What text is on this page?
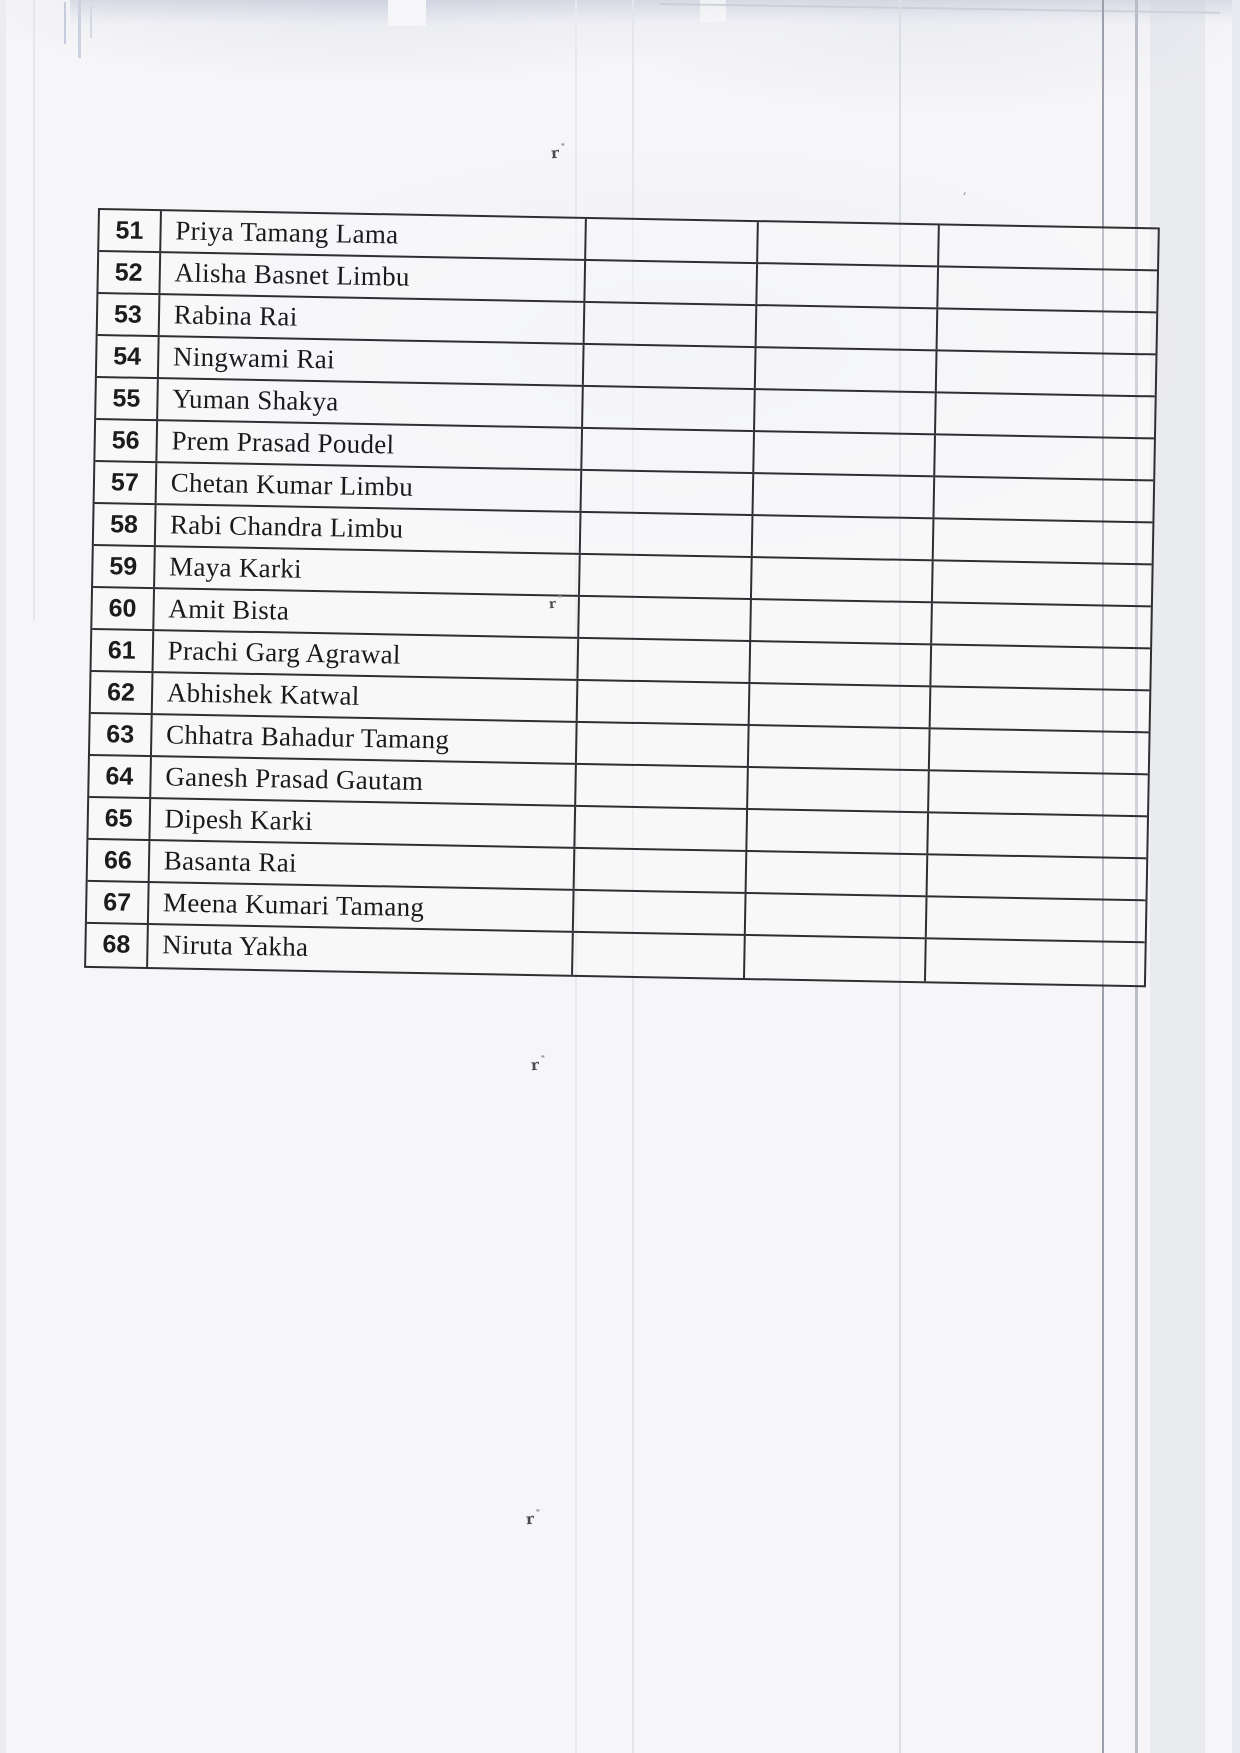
51	Priya Tamang Lama
52	Alisha Basnet Limbu
53	Rabina Rai
54	Ningwami Rai
55	Yuman Shakya
56	Prem Prasad Poudel
57	Chetan Kumar Limbu
58	Rabi Chandra Limbu
59	Maya Karki
60	Amit Bista
61	Prachi Garg Agrawal
62	Abhishek Katwal
63	Chhatra Bahadur Tamang
64	Ganesh Prasad Gautam
65	Dipesh Karki
66	Basanta Rai
67	Meena Kumari Tamang
68	Niruta Yakha
r
r
r
r
’
